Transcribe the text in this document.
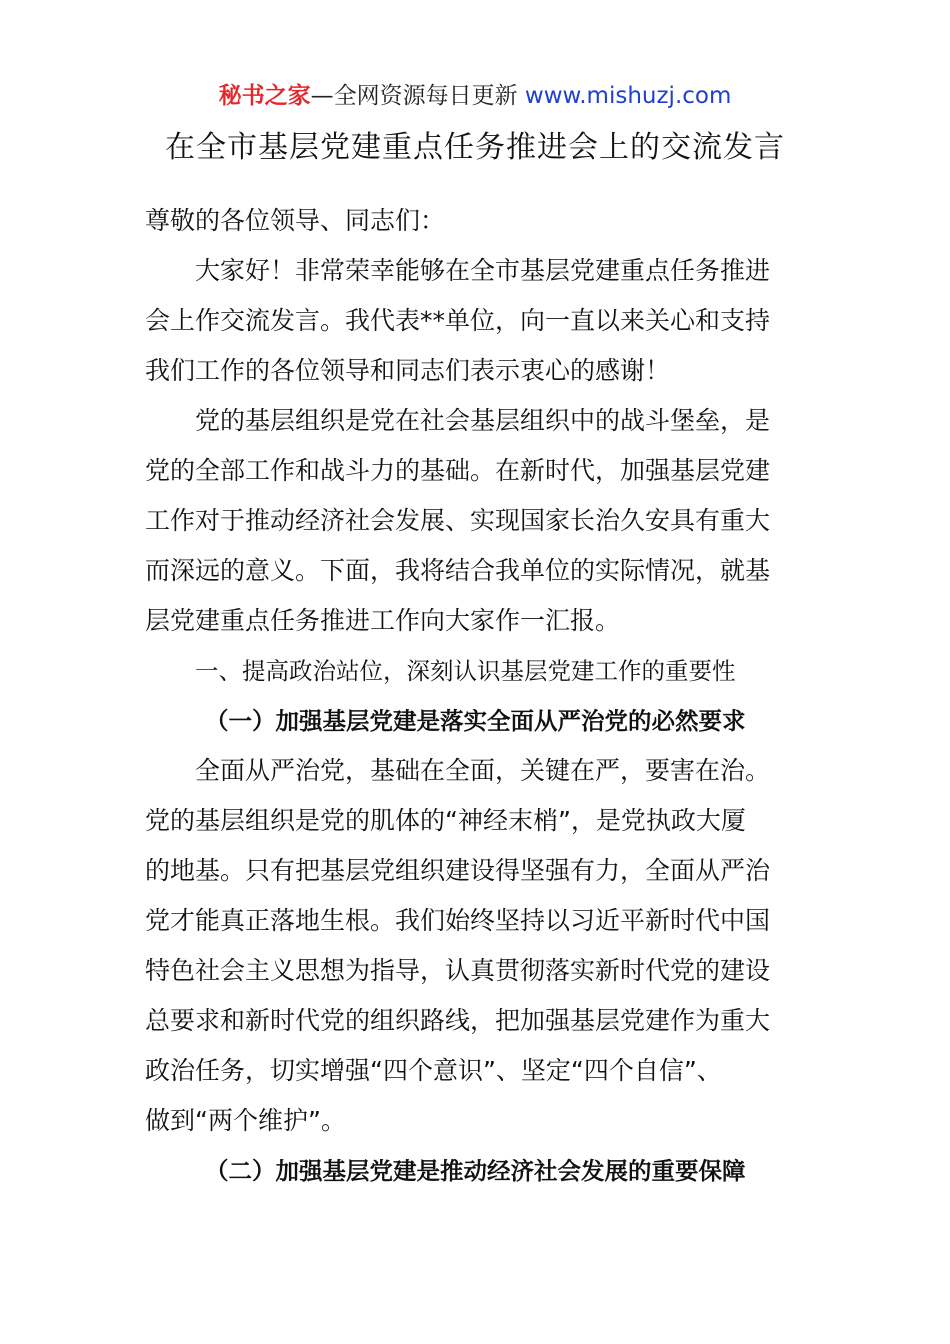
秘书之家—全网资源每日更新 www.mishuzj.com
在全市基层党建重点任务推进会上的交流发言
尊敬的各位领导、同志们：
大家好！非常荣幸能够在全市基层党建重点任务推进
会上作交流发言。我代表**单位，向一直以来关心和支持
我们工作的各位领导和同志们表示衷心的感谢！
党的基层组织是党在社会基层组织中的战斗堡垒，是
党的全部工作和战斗力的基础。在新时代，加强基层党建
工作对于推动经济社会发展、实现国家长治久安具有重大
而深远的意义。下面，我将结合我单位的实际情况，就基
层党建重点任务推进工作向大家作一汇报。
一、提高政治站位，深刻认识基层党建工作的重要性
（一）加强基层党建是落实全面从严治党的必然要求
全面从严治党，基础在全面，关键在严，要害在治。
党的基层组织是党的肌体的“神经末梢”，是党执政大厦
的地基。只有把基层党组织建设得坚强有力，全面从严治
党才能真正落地生根。我们始终坚持以习近平新时代中国
特色社会主义思想为指导，认真贯彻落实新时代党的建设
总要求和新时代党的组织路线，把加强基层党建作为重大
政治任务，切实增强“四个意识”、坚定“四个自信”、
做到“两个维护”。
（二）加强基层党建是推动经济社会发展的重要保障
